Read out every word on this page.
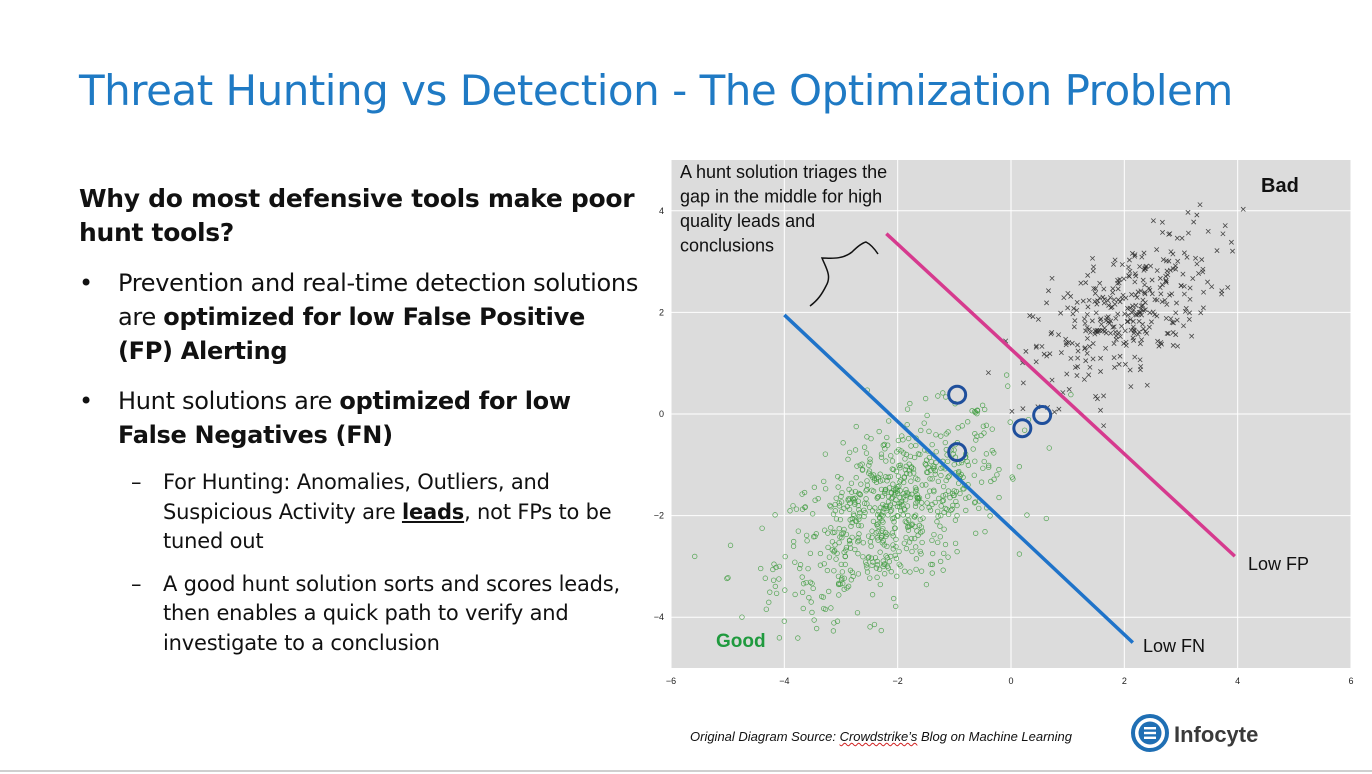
Threat Hunting vs Detection - The Optimization Problem

Why do most defensive tools make poor hunt tools?

• Prevention and real-time detection solutions are optimized for low False Positive (FP) Alerting
• Hunt solutions are optimized for low False Negatives (FN)
– For Hunting: Anomalies, Outliers, and Suspicious Activity are leads, not FPs to be tuned out
– A good hunt solution sorts and scores leads, then enables a quick path to verify and investigate to a conclusion
−6	−4	−2	0	2	4	6
−4
−2
0
2
4
A hunt solution triages the
gap in the middle for high
quality leads and
conclusions
Bad
Good
Low FP
Low FN
Original Diagram Source: Crowdstrike’s Blog on Machine Learning	Infocyte
